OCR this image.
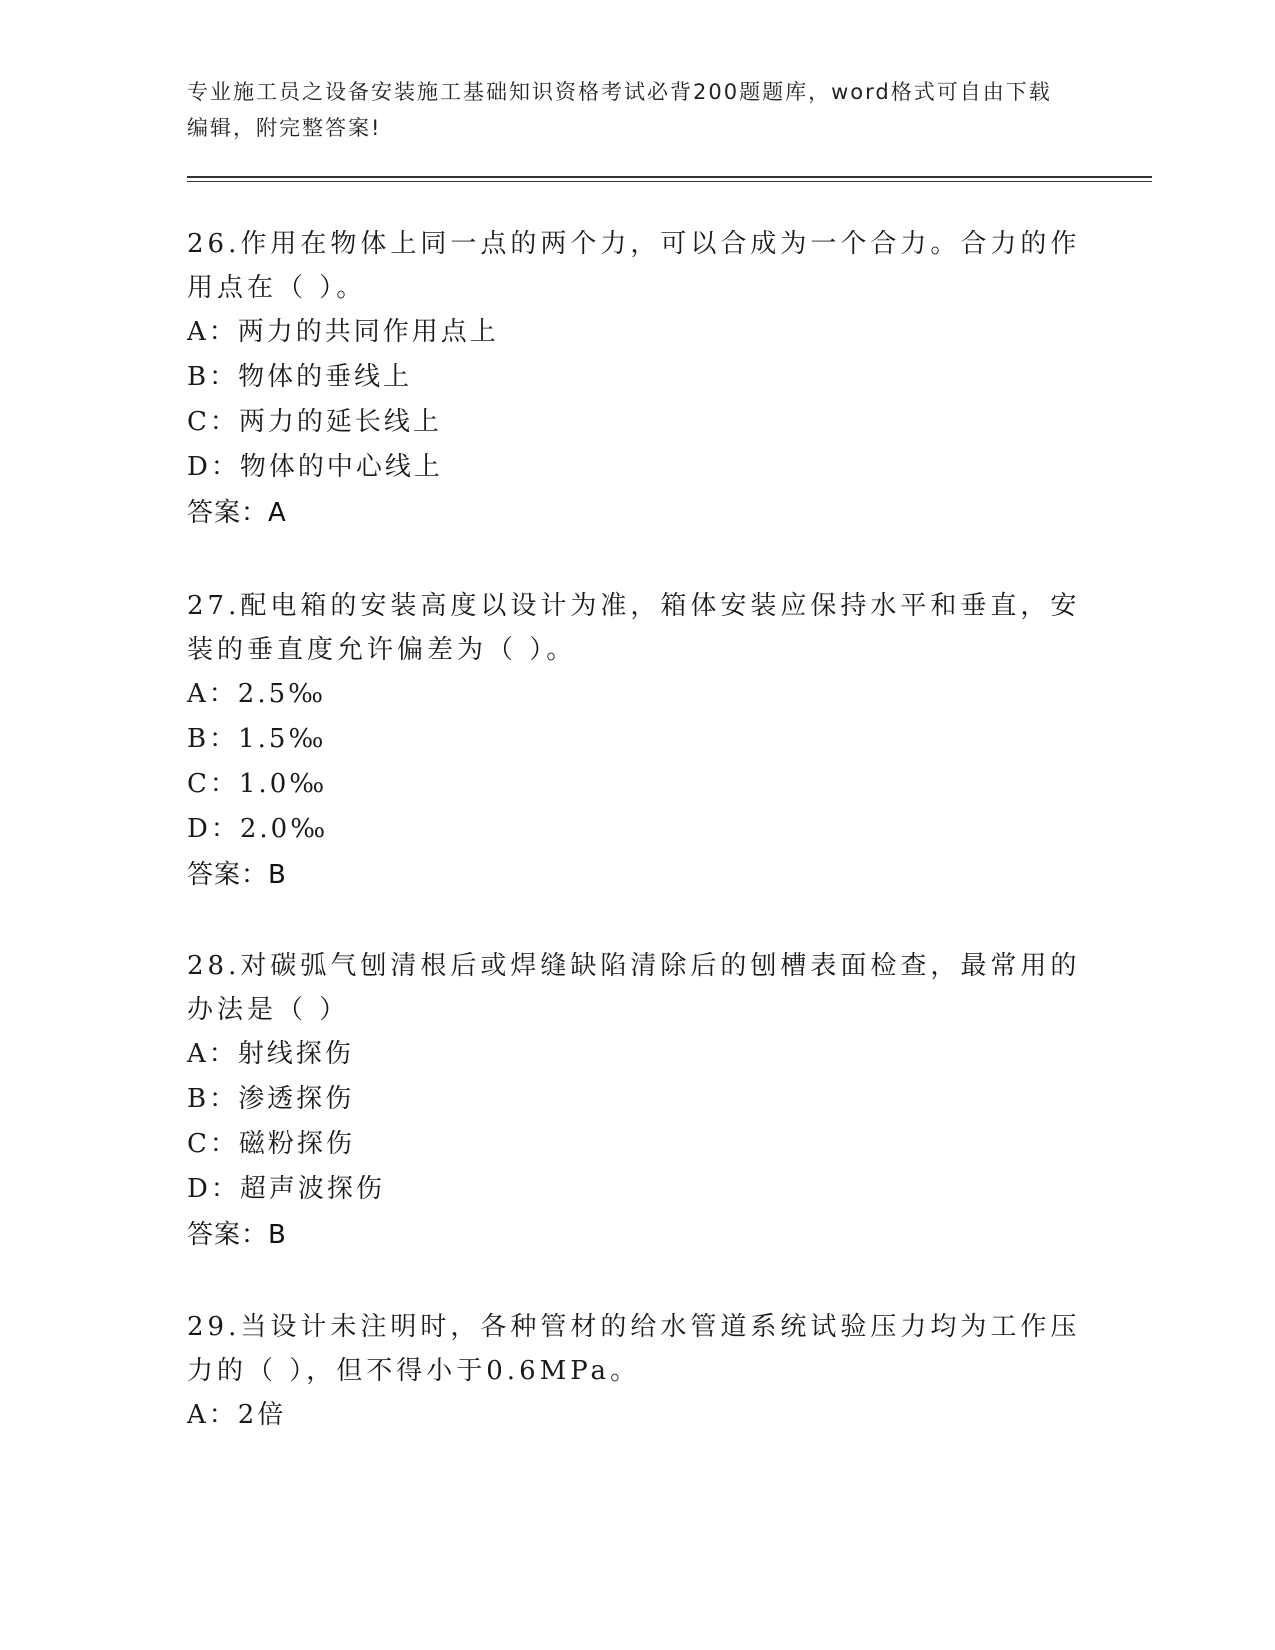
专业施工员之设备安装施工基础知识资格考试必背200题题库，word格式可自由下载编辑，附完整答案!

26.作用在物体上同一点的两个力，可以合成为一个合力。合力的作用点在（ ）。

A：两力的共同作用点上

B：物体的垂线上

C：两力的延长线上

D：物体的中心线上

答案：A

27.配电箱的安装高度以设计为准，箱体安装应保持水平和垂直，安装的垂直度允许偏差为（ ）。

A：2.5‰

B：1.5‰

C：1.0‰

D：2.0‰

答案：B

28.对碳弧气刨清根后或焊缝缺陷清除后的刨槽表面检查，最常用的办法是（ ）

A：射线探伤

B：渗透探伤

C：磁粉探伤

D：超声波探伤

答案：B

29.当设计未注明时，各种管材的给水管道系统试验压力均为工作压力的（ ），但不得小于0.6MPa。

A：2倍
